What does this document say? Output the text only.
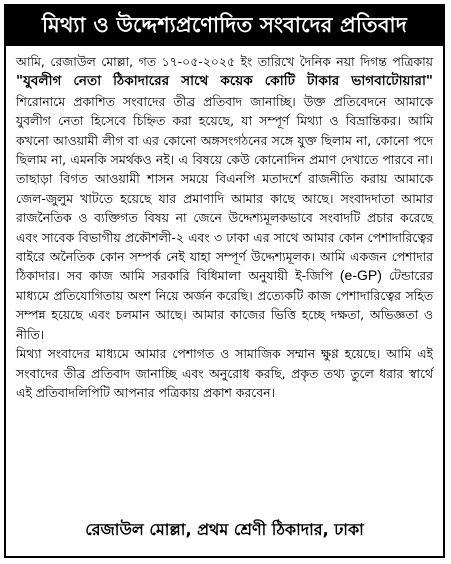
মিথ্যা ও উদ্দেশ্যপ্রণোদিত সংবাদের প্রতিবাদ

আমি, রেজাউল মোল্লা, গত ১৭-০৫-২০২৫ ইং তারিখে দৈনিক নয়া দিগন্ত পত্রিকায় "যুবলীগ নেতা ঠিকাদারের সাথে কয়েক কোটি টাকার ভাগবাটোয়ারা" শিরোনামে প্রকাশিত সংবাদের তীব্র প্রতিবাদ জানাচ্ছি। উক্ত প্রতিবেদনে আমাকে যুবলীগ নেতা হিসেবে চিহ্নিত করা হয়েছে, যা সম্পূর্ণ মিথ্যা ও বিভ্রান্তিকর। আমি কখনো আওয়ামী লীগ বা এর কোনো অঙ্গসংগঠনের সঙ্গে যুক্ত ছিলাম না, কোনো পদে ছিলাম না, এমনকি সমর্থকও নই। এ বিষয়ে কেউ কোনোদিন প্রমাণ দেখাতে পারবে না। তাছাড়া বিগত আওয়ামী শাসন সময়ে বিএনপি মতাদর্শে রাজনীতি করায় আমাকে জেল-জুলুম খাটতে হয়েছে যার প্রমাণাদি আমার কাছে আছে। সংবাদদাতা আমার রাজনৈতিক ও ব্যক্তিগত বিষয় না জেনে উদ্দেশ্যমূলকভাবে সংবাদটি প্রচার করেছে এবং সাবেক বিভাগীয় প্রকৌশলী-২ এবং ৩ ঢাকা এর সাথে আমার কোন পেশাদারিত্বের বাইরে অনৈতিক কোন সম্পর্ক নেই যাহা সম্পূর্ণ উদ্দেশ্যমূলক। আমি একজন পেশাদার ঠিকাদার। সব কাজ আমি সরকারি বিধিমালা অনুযায়ী ই-জিপি (e-GP) টেন্ডারের মাধ্যমে প্রতিযোগিতায় অংশ নিয়ে অর্জন করেছি। প্রত্যেকটি কাজ পেশাদারিত্বের সহিত সম্পন্ন হয়েছে এবং চলমান আছে। আমার কাজের ভিত্তি হচ্ছে দক্ষতা, অভিজ্ঞতা ও নীতি।

মিথ্যা সংবাদের মাধ্যমে আমার পেশাগত ও সামাজিক সম্মান ক্ষুণ্ণ হয়েছে। আমি এই সংবাদের তীব্র প্রতিবাদ জানাচ্ছি এবং অনুরোধ করছি, প্রকৃত তথ্য তুলে ধরার স্বার্থে এই প্রতিবাদলিপিটি আপনার পত্রিকায় প্রকাশ করবেন।

রেজাউল মোল্লা, প্রথম শ্রেণী ঠিকাদার, ঢাকা
